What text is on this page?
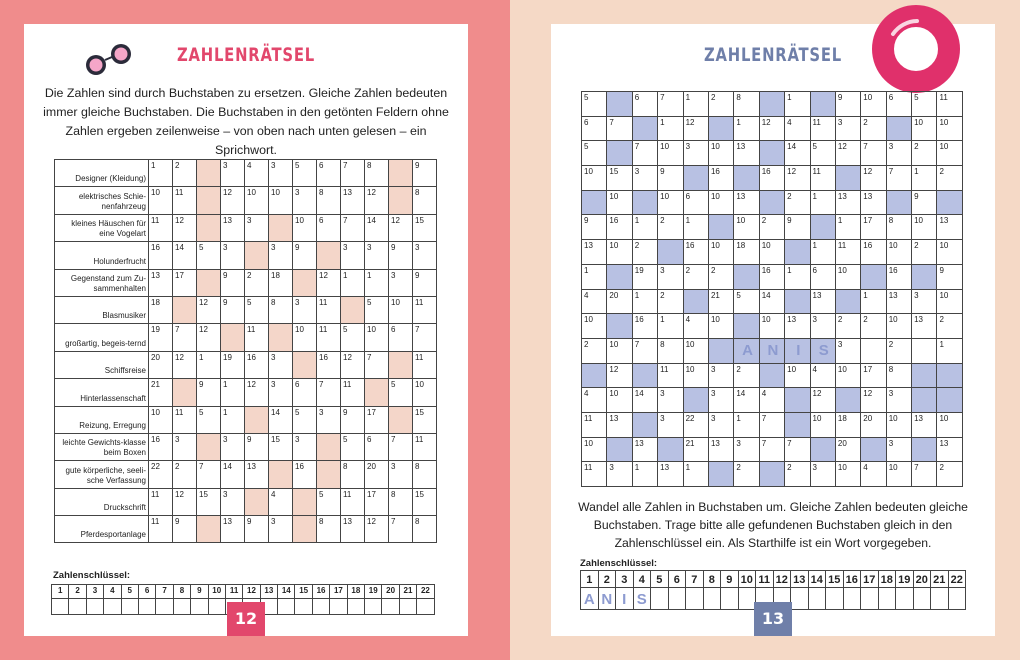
ZAHLENRÄTSEL
Die Zahlen sind durch Buchstaben zu ersetzen. Gleiche Zahlen bedeuten immer gleiche Buchstaben. Die Buchstaben in den getönten Feldern ohne Zahlen ergeben zeilenweise – von oben nach unten gelesen – ein Sprichwort.
Designer (Kleidung)	1	2		3	4	3	5	6	7	8		9
elektrisches Schie-nenfahrzeug	10	11		12	10	10	3	8	13	12		8
kleines Häuschen für eine Vogelart	11	12		13	3		10	6	7	14	12	15
Holunderfrucht	16	14	5	3		3	9		3	3	9	3
Gegenstand zum Zu-sammenhalten	13	17		9	2	18		12	1	1	3	9
Blasmusiker	18		12	9	5	8	3	11		5	10	11
großartig, begeis-ternd	19	7	12		11		10	11	5	10	6	7
Schiffsreise	20	12	1	19	16	3		16	12	7		11
Hinterlassenschaft	21		9	1	12	3	6	7	11		5	10
Reizung, Erregung	10	11	5	1		14	5	3	9	17		15
leichte Gewichts-klasse beim Boxen	16	3		3	9	15	3		5	6	7	11
gute körperliche, seeli-sche Verfassung	22	2	7	14	13		16		8	20	3	8
Druckschrift	11	12	15	3		4		5	11	17	8	15
Pferdesportanlage	11	9		13	9	3		8	13	12	7	8
Zahlenschlüssel:
1	2	3	4	5	6	7	8	9	10	11	12	13	14	15	16	17	18	19	20	21	22

12
ZAHLENRÄTSEL
5		6	7	1	2	8		1		9	10	6	5	11
6	7		1	12		1	12	4	11	3	2		10	10
5		7	10	3	10	13		14	5	12	7	3	2	10
10	15	3	9		16		16	12	11		12	7	1	2
	10		10	6	10	13		2	1	13	13		9	
9	16	1	2	1		10	2	9		1	17	8	10	13
13	10	2		16	10	18	10		1	11	16	10	2	10
1		19	3	2	2		16	1	6	10		16		9
4	20	1	2		21	5	14		13		1	13	3	10
10		16	1	4	10		10	13	3	2	2	10	13	2
2	10	7	8	10		A	N	I	S	3		2		1
	12		11	10	3	2		10	4	10	17	8		
4	10	14	3		3	14	4		12		12	3		
11	13		3	22	3	1	7		10	18	20	10	13	10
10		13		21	13	3	7	7		20		3		13
11	3	1	13	1		2		2	3	10	4	10	7	2
Wandel alle Zahlen in Buchstaben um. Gleiche Zahlen bedeuten gleiche Buchstaben. Trage bitte alle gefundenen Buchstaben gleich in den Zahlenschlüssel ein. Als Starthilfe ist ein Wort vorgegeben.
Zahlenschlüssel:
1	2	3	4	5	6	7	8	9	10	11	12	13	14	15	16	17	18	19	20	21	22
A	N	I	S																		
13
